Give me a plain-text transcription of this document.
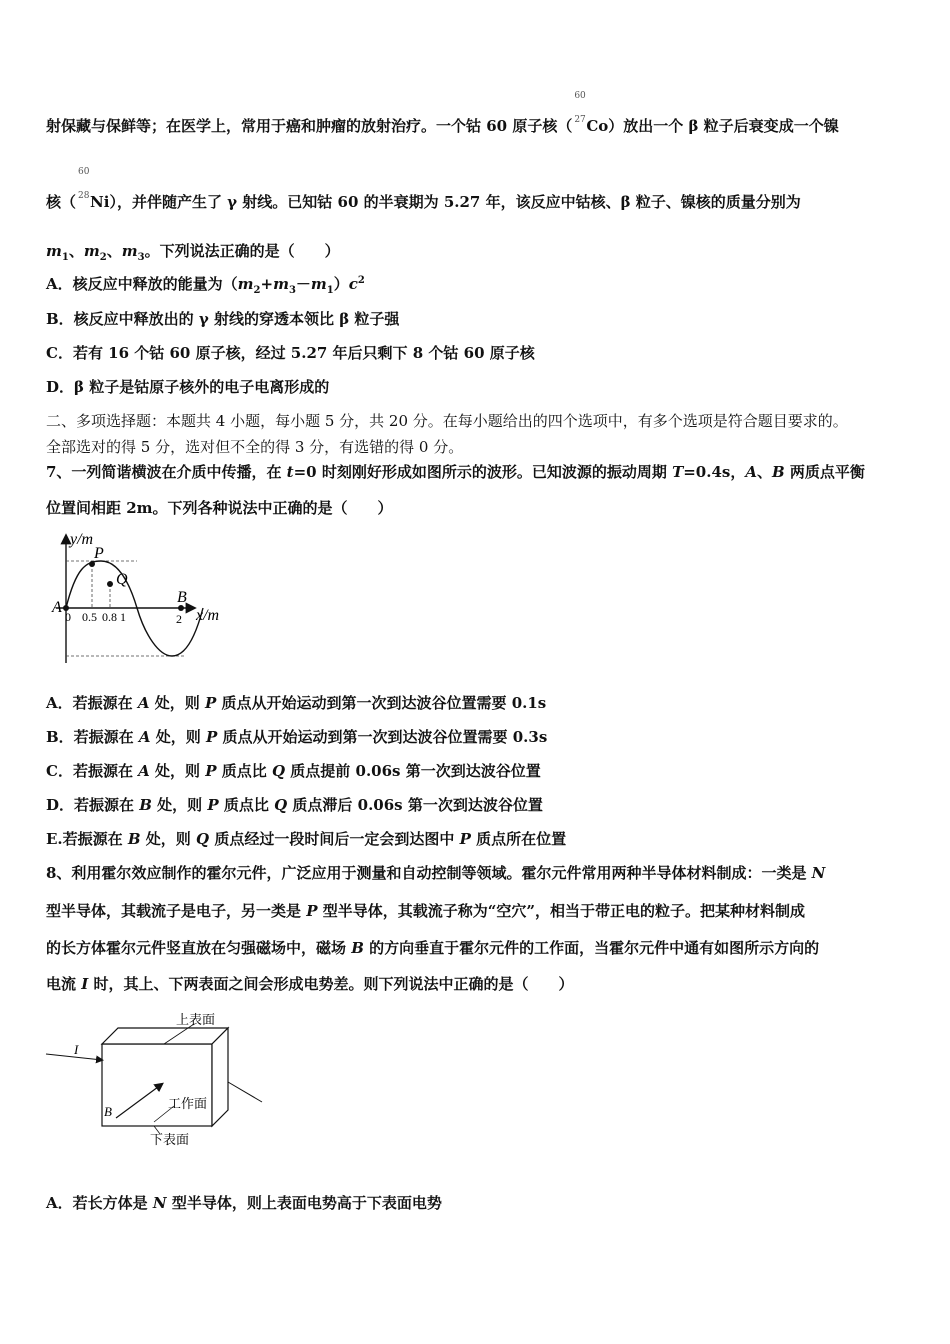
射保藏与保鲜等；在医学上，常用于癌和肿瘤的放射治疗。一个钴 60 原子核（
60
27 Co）放出一个 β 粒子后衰变成一个镍
核（
60
28 Ni），并伴随产生了 γ 射线。已知钴 60 的半衰期为 5.27 年，该反应中钴核、β 粒子、镍核的质量分别为
$m_1$、$m_2$、$m_3$。下列说法正确的是（　　）
A．核反应中释放的能量为$(m_2+m_3-m_1)c^2$
B．核反应中释放出的 γ 射线的穿透本领比 β 粒子强
C．若有 16 个钴 60 原子核，经过 5.27 年后只剩下 8 个钴 60 原子核
D．β 粒子是钴原子核外的电子电离形成的
二、多项选择题：本题共 4 小题，每小题 5 分，共 20 分。在每小题给出的四个选项中，有多个选项是符合题目要求的。
全部选对的得 5 分，选对但不全的得 3 分，有选错的得 0 分。
7、一列简谐横波在介质中传播，在 t=0 时刻刚好形成如图所示的波形。已知波源的振动周期 T=0.4s，A、B 两质点平衡
位置间相距 2m。下列各种说法中正确的是（　　）
y/m
x/m
P
Q
A
B
0 0.5 0.8 1	2
A．若振源在 A 处，则 P 质点从开始运动到第一次到达波谷位置需要 0.1s
B．若振源在 A 处，则 P 质点从开始运动到第一次到达波谷位置需要 0.3s
C．若振源在 A 处，则 P 质点比 Q 质点提前 0.06s 第一次到达波谷位置
D．若振源在 B 处，则 P 质点比 Q 质点滞后 0.06s 第一次到达波谷位置
E.若振源在 B 处，则 Q 质点经过一段时间后一定会到达图中 P 质点所在位置
8、利用霍尔效应制作的霍尔元件，广泛应用于测量和自动控制等领域。霍尔元件常用两种半导体材料制成：一类是 N
型半导体，其载流子是电子，另一类是 P 型半导体，其载流子称为“空穴”，相当于带正电的粒子。把某种材料制成
的长方体霍尔元件竖直放在匀强磁场中，磁场 B 的方向垂直于霍尔元件的工作面，当霍尔元件中通有如图所示方向的
电流 I 时，其上、下两表面之间会形成电势差。则下列说法中正确的是（　　）
上表面
工作面
下表面
I
B
A．若长方体是 N 型半导体，则上表面电势高于下表面电势
